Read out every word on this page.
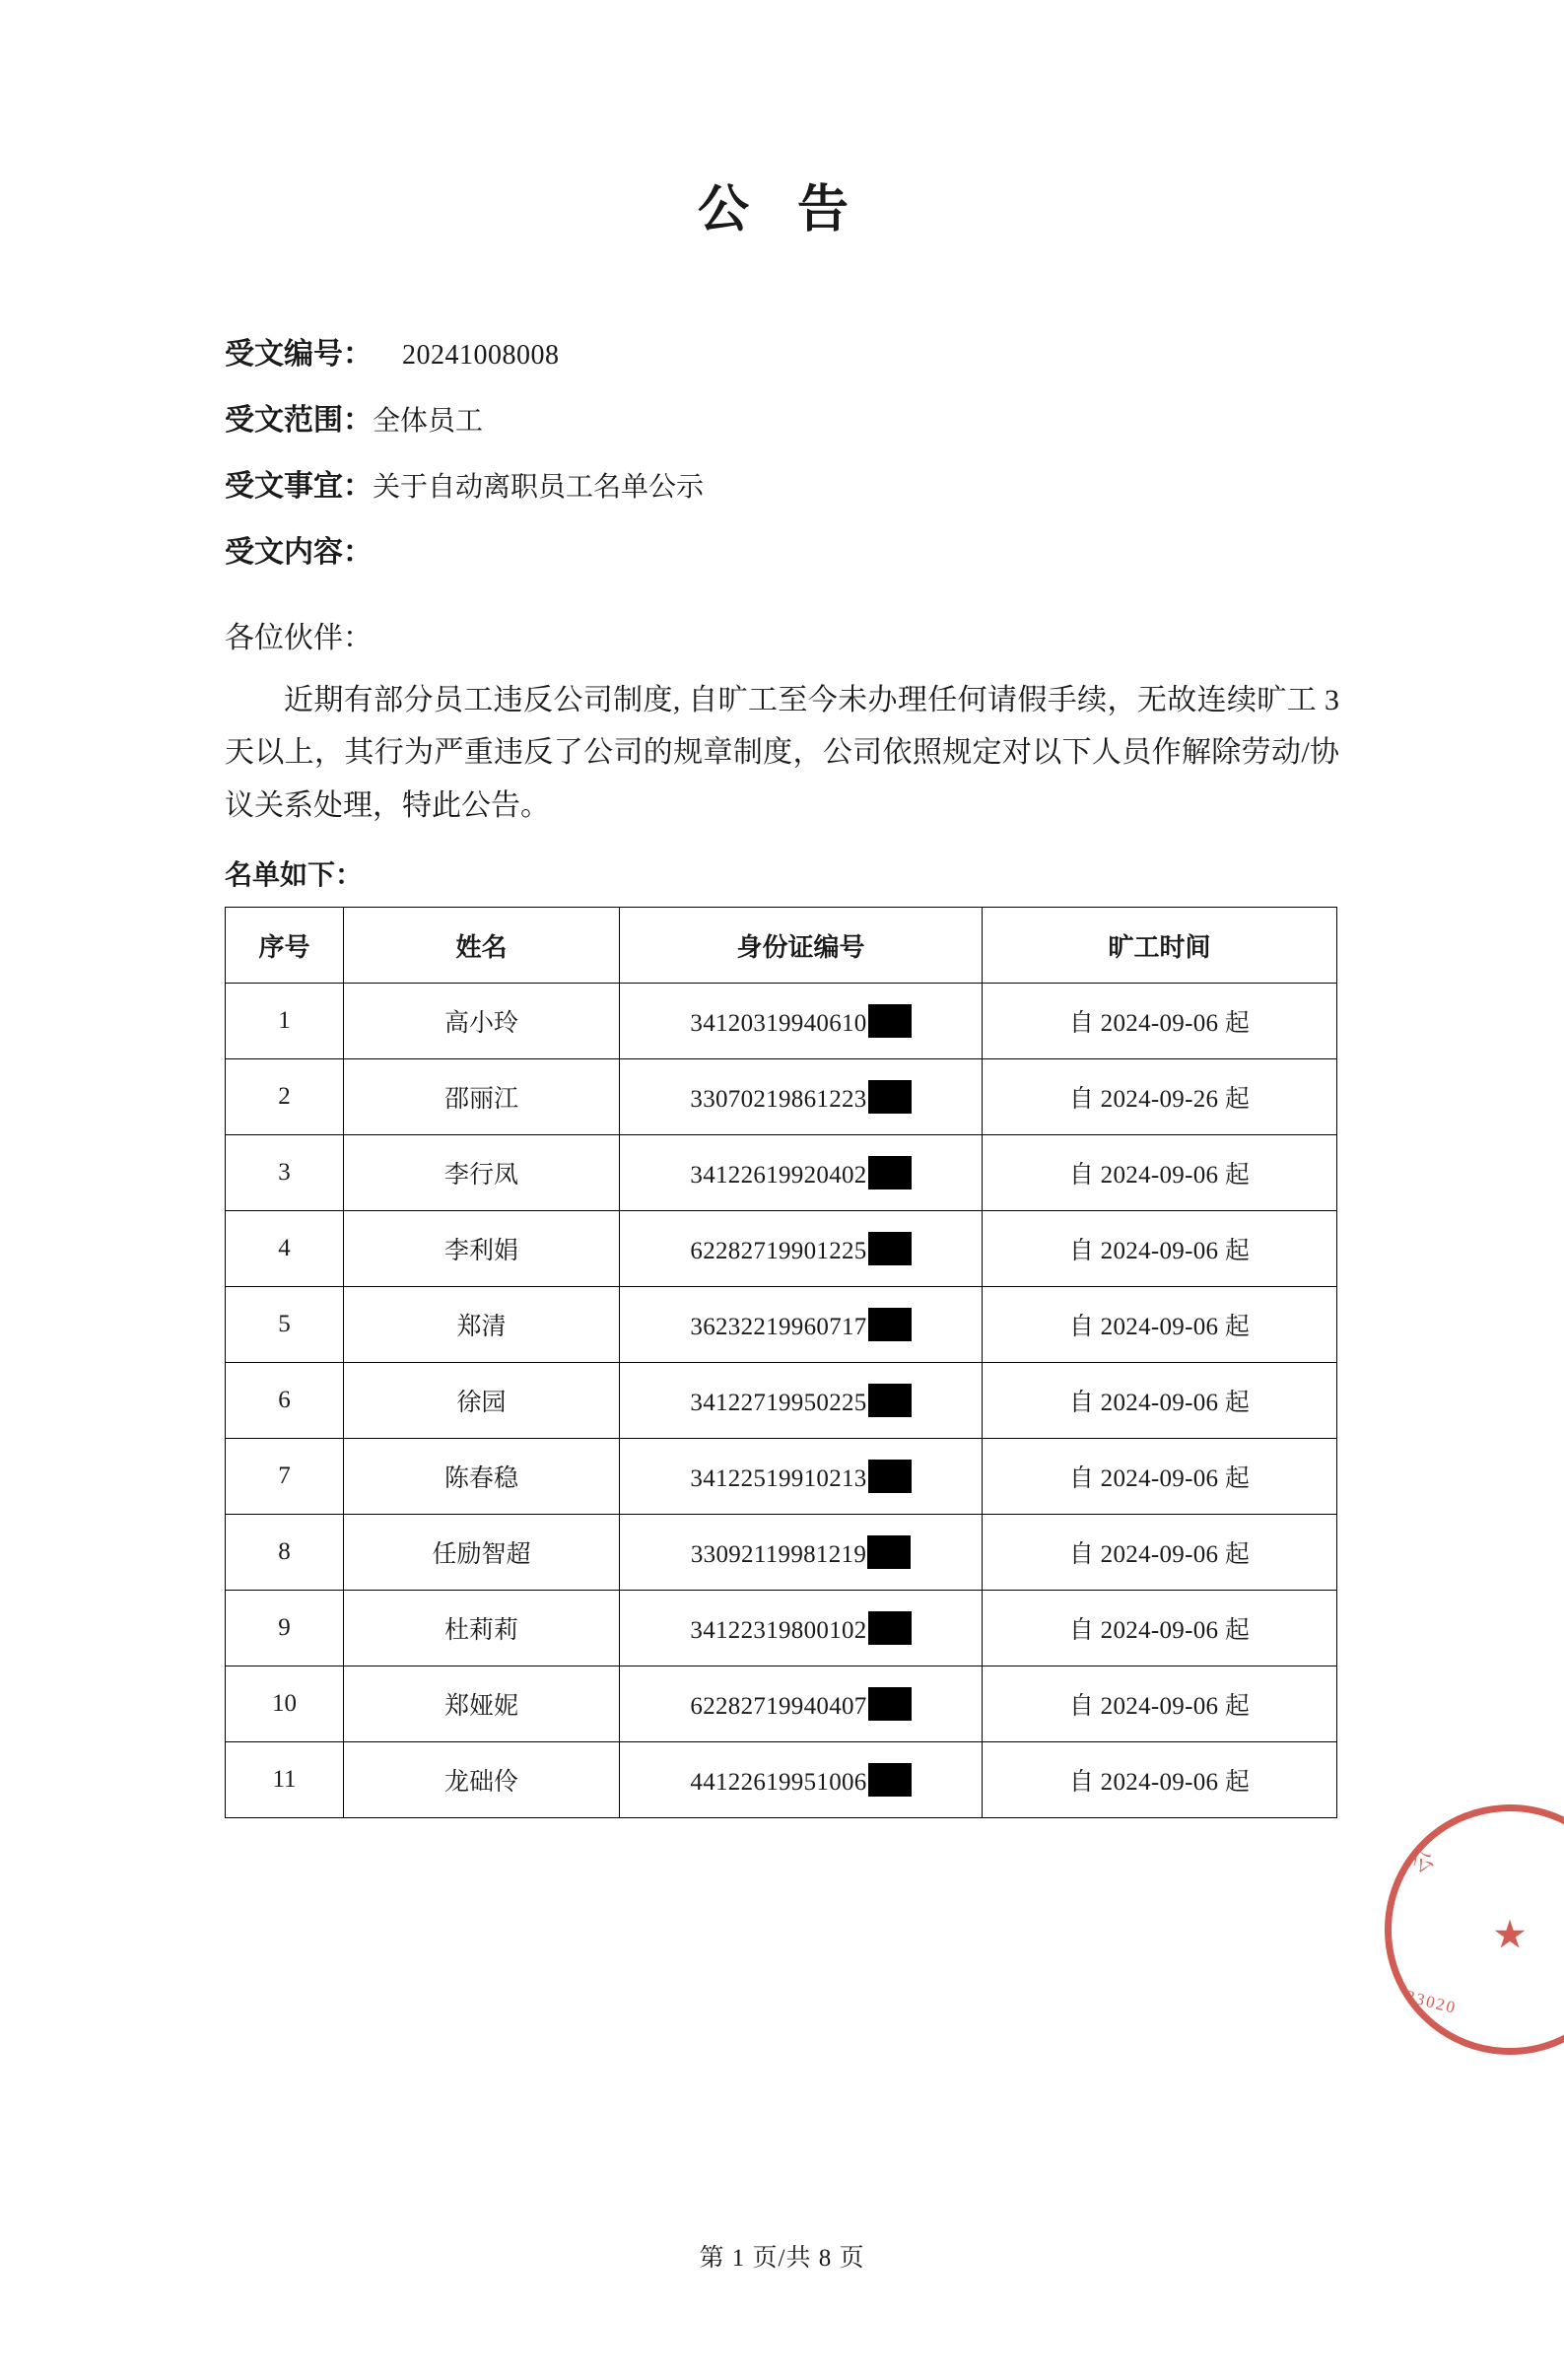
公 告
受文编号： 20241008008
受文范围：全体员工
受文事宜：关于自动离职员工名单公示
受文内容：
各位伙伴：

近期有部分员工违反公司制度, 自旷工至今未办理任何请假手续，无故连续旷工 3 天以上，其行为严重违反了公司的规章制度，公司依照规定对以下人员作解除劳动/协议关系处理，特此公告。

名单如下：
序号	姓名	身份证编号	旷工时间
1	高小玲	34120319940610	自 2024-09-06 起
2	邵丽江	33070219861223	自 2024-09-26 起
3	李行凤	34122619920402	自 2024-09-06 起
4	李利娟	62282719901225	自 2024-09-06 起
5	郑清	36232219960717	自 2024-09-06 起
6	徐园	34122719950225	自 2024-09-06 起
7	陈春稳	34122519910213	自 2024-09-06 起
8	任励智超	33092119981219	自 2024-09-06 起
9	杜莉莉	34122319800102	自 2024-09-06 起
10	郑娅妮	62282719940407	自 2024-09-06 起
11	龙础伶	44122619951006	自 2024-09-06 起
公
★
33020
第 1 页/共 8 页
